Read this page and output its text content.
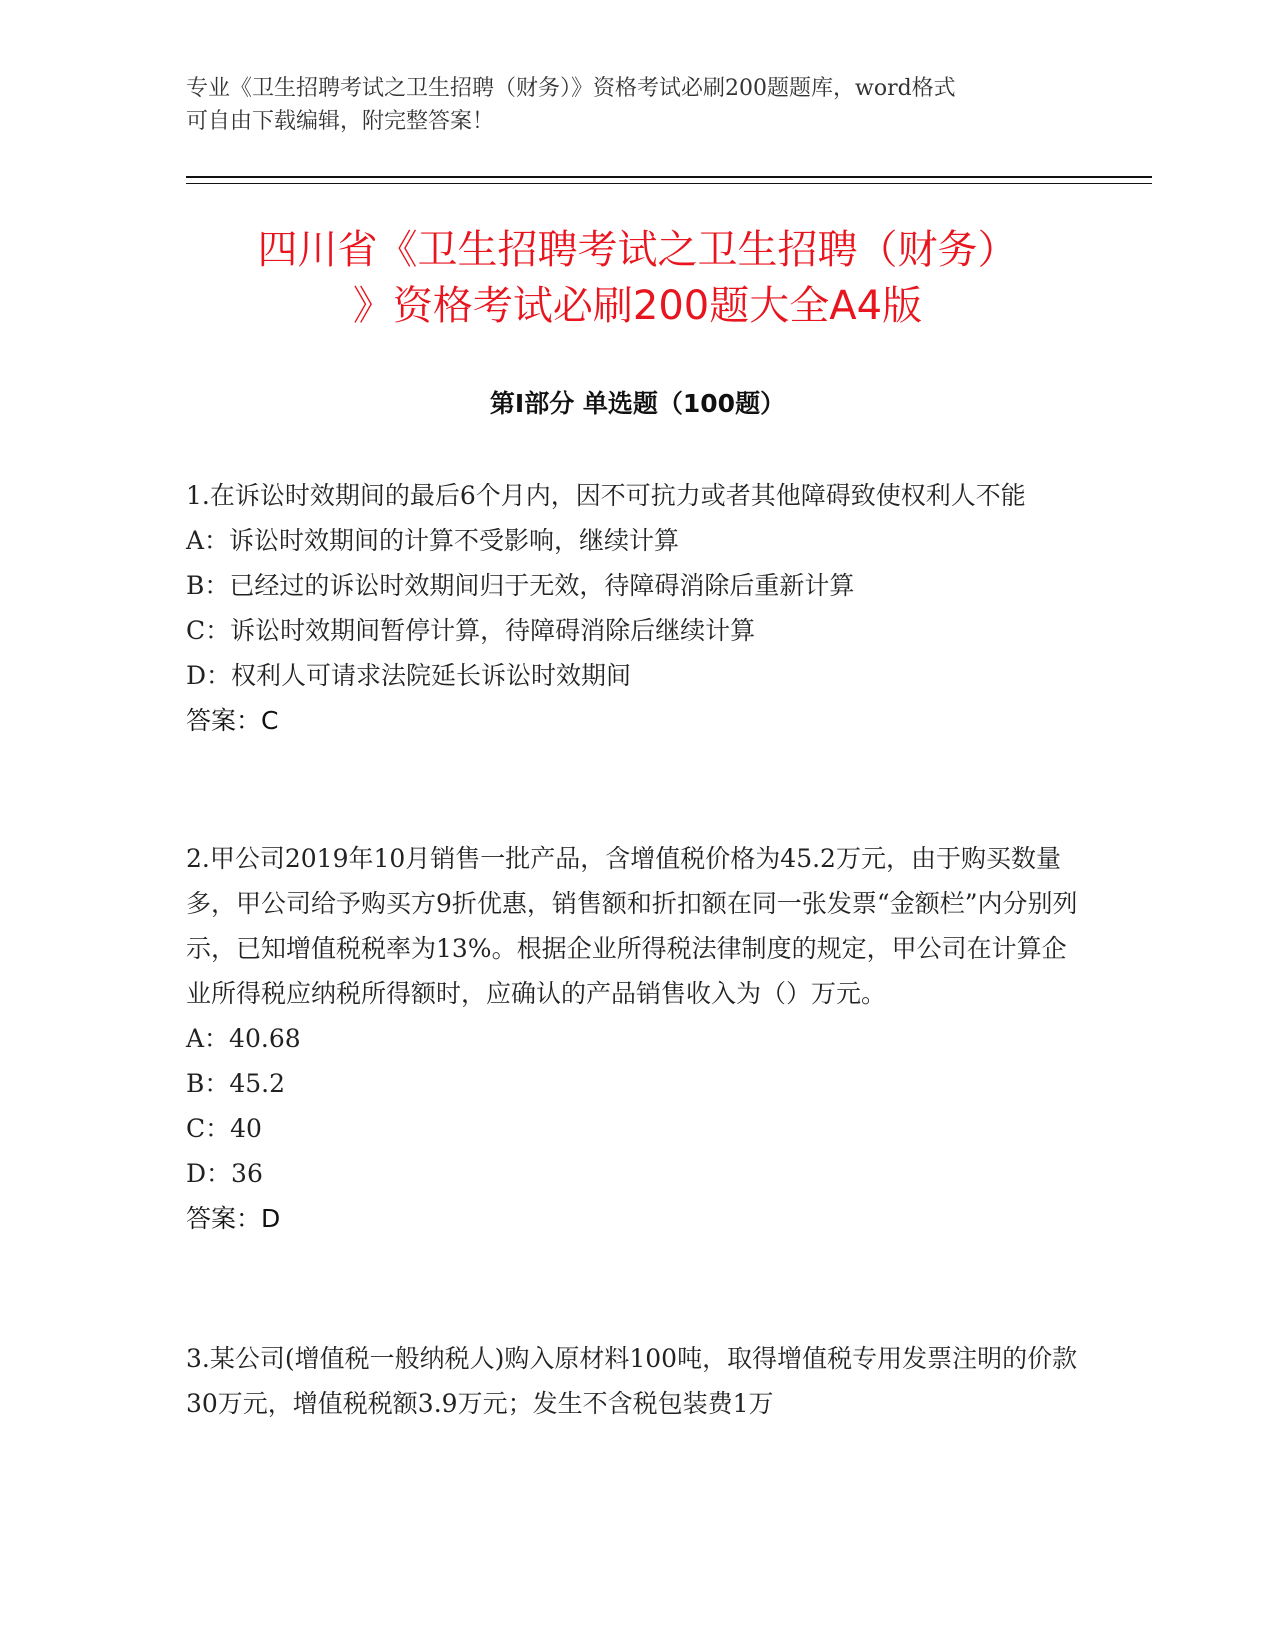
专业《卫生招聘考试之卫生招聘（财务）》资格考试必刷200题题库，word格式
可自由下载编辑，附完整答案！
四川省《卫生招聘考试之卫生招聘（财务）
》资格考试必刷200题大全A4版
第I部分 单选题（100题）

1.在诉讼时效期间的最后6个月内，因不可抗力或者其他障碍致使权利人不能

A：诉讼时效期间的计算不受影响，继续计算

B：已经过的诉讼时效期间归于无效，待障碍消除后重新计算

C：诉讼时效期间暂停计算，待障碍消除后继续计算

D：权利人可请求法院延长诉讼时效期间

答案：C

2.甲公司2019年10月销售一批产品，含增值税价格为45.2万元，由于购买数量多，甲公司给予购买方9折优惠，销售额和折扣额在同一张发票“金额栏”内分别列示，已知增值税税率为13%。根据企业所得税法律制度的规定，甲公司在计算企业所得税应纳税所得额时，应确认的产品销售收入为（）万元。

A：40.68

B：45.2

C：40

D：36

答案：D

3.某公司(增值税一般纳税人)购入原材料100吨，取得增值税专用发票注明的价款30万元，增值税税额3.9万元；发生不含税包装费1万
